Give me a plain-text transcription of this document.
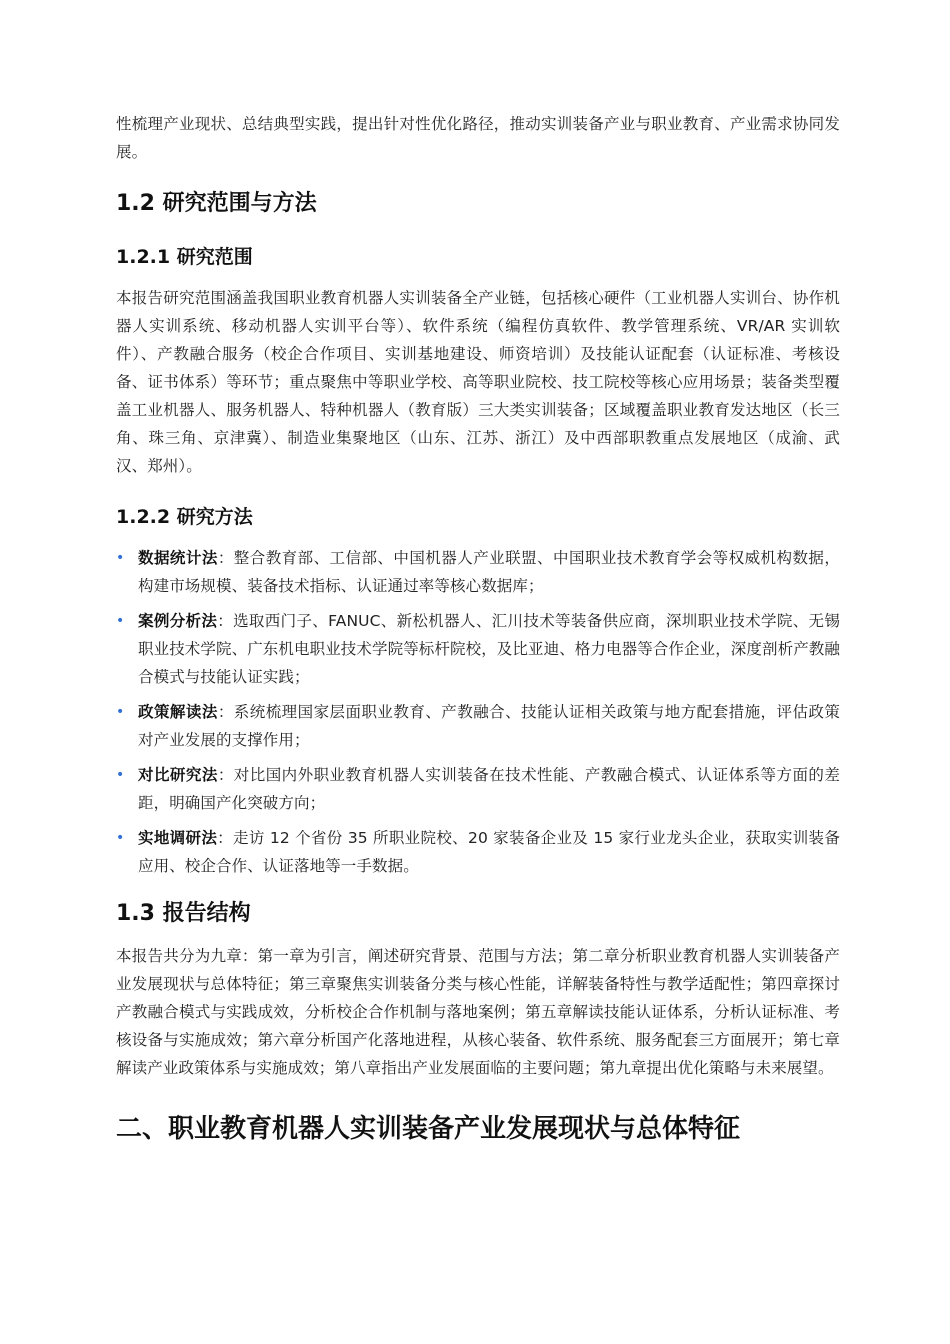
性梳理产业现状、总结典型实践，提出针对性优化路径，推动实训装备产业与职业教育、产业需求协同发展。

1.2 研究范围与方法
1.2.1 研究范围

本报告研究范围涵盖我国职业教育机器人实训装备全产业链，包括核心硬件（工业机器人实训台、协作机器人实训系统、移动机器人实训平台等）、软件系统（编程仿真软件、教学管理系统、VR/AR 实训软件）、产教融合服务（校企合作项目、实训基地建设、师资培训）及技能认证配套（认证标准、考核设备、证书体系）等环节；重点聚焦中等职业学校、高等职业院校、技工院校等核心应用场景；装备类型覆盖工业机器人、服务机器人、特种机器人（教育版）三大类实训装备；区域覆盖职业教育发达地区（长三角、珠三角、京津冀）、制造业集聚地区（山东、江苏、浙江）及中西部职教重点发展地区（成渝、武汉、郑州）。

1.2.2 研究方法
• 数据统计法：整合教育部、工信部、中国机器人产业联盟、中国职业技术教育学会等权威机构数据，构建市场规模、装备技术指标、认证通过率等核心数据库；
• 案例分析法：选取西门子、FANUC、新松机器人、汇川技术等装备供应商，深圳职业技术学院、无锡职业技术学院、广东机电职业技术学院等标杆院校，及比亚迪、格力电器等合作企业，深度剖析产教融合模式与技能认证实践；
• 政策解读法：系统梳理国家层面职业教育、产教融合、技能认证相关政策与地方配套措施，评估政策对产业发展的支撑作用；
• 对比研究法：对比国内外职业教育机器人实训装备在技术性能、产教融合模式、认证体系等方面的差距，明确国产化突破方向；
• 实地调研法：走访 12 个省份 35 所职业院校、20 家装备企业及 15 家行业龙头企业，获取实训装备应用、校企合作、认证落地等一手数据。
1.3 报告结构

本报告共分为九章：第一章为引言，阐述研究背景、范围与方法；第二章分析职业教育机器人实训装备产业发展现状与总体特征；第三章聚焦实训装备分类与核心性能，详解装备特性与教学适配性；第四章探讨产教融合模式与实践成效，分析校企合作机制与落地案例；第五章解读技能认证体系，分析认证标准、考核设备与实施成效；第六章分析国产化落地进程，从核心装备、软件系统、服务配套三方面展开；第七章解读产业政策体系与实施成效；第八章指出产业发展面临的主要问题；第九章提出优化策略与未来展望。

二、职业教育机器人实训装备产业发展现状与总体特征
